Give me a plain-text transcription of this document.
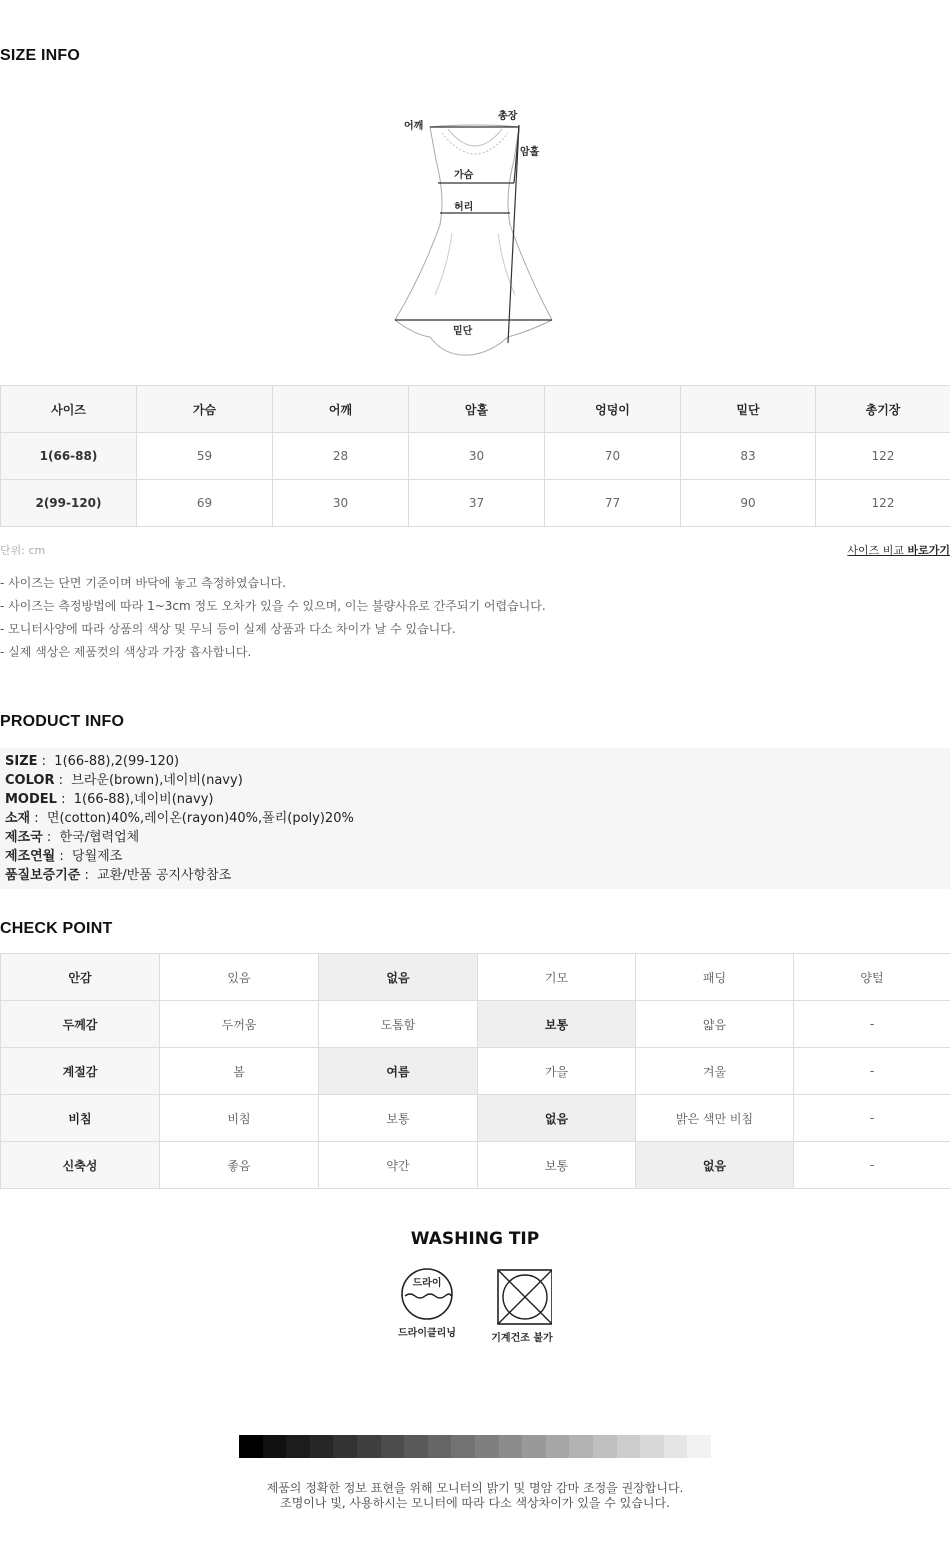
SIZE INFO
어깨
총장
암홀
가슴
허리
밑단
사이즈	가슴	어깨	암홀	엉덩이	밑단	총기장
1(66-88)	59	28	30	70	83	122
2(99-120)	69	30	37	77	90	122
단위: cm	사이즈 비교 바로가기
- 사이즈는 단면 기준이며 바닥에 놓고 측정하였습니다.
- 사이즈는 측정방법에 따라 1~3cm 정도 오차가 있을 수 있으며, 이는 불량사유로 간주되기 어렵습니다.
- 모니터사양에 따라 상품의 색상 및 무늬 등이 실제 상품과 다소 차이가 날 수 있습니다.
- 실제 색상은 제품컷의 색상과 가장 흡사합니다.
PRODUCT INFO
SIZE :  1(66-88),2(99-120)
COLOR :  브라운(brown),네이비(navy)
MODEL :  1(66-88),네이비(navy)
소재 :  면(cotton)40%,레이온(rayon)40%,폴리(poly)20%
제조국 :  한국/협력업체
제조연월 :  당월제조
품질보증기준 :  교환/반품 공지사항참조
CHECK POINT
안감	있음	없음	기모	패딩	양털
두께감	두꺼움	도톰함	보통	얇음	-
계절감	봄	여름	가을	겨울	-
비침	비침	보통	없음	밝은 색만 비침	-
신축성	좋음	약간	보통	없음	-
WASHING TIP
드라이
드라이클리닝	기계건조 불가
제품의 정확한 정보 표현을 위해 모니터의 밝기 및 명암 감마 조정을 권장합니다.
조명이나 빛, 사용하시는 모니터에 따라 다소 색상차이가 있을 수 있습니다.
